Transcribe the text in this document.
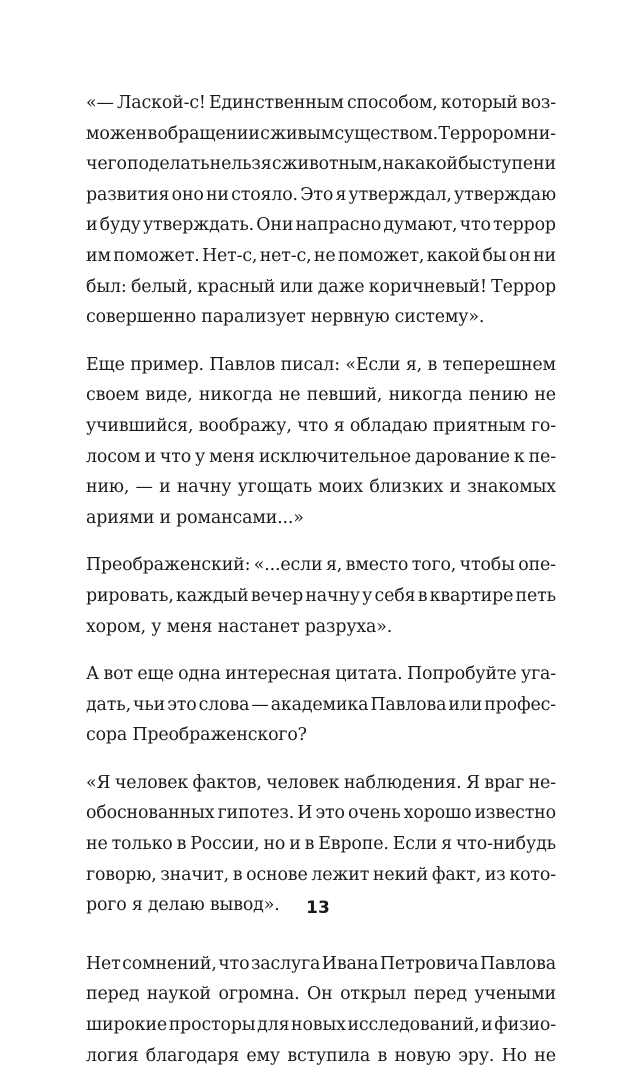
«— Лаской-с! Единственным способом, который воз-
можен в обращении с живым существом. Террором ни-
чего поделать нельзя с животным, на какой бы ступени
развития оно ни стояло. Это я утверждал, утверждаю
и буду утверждать. Они напрасно думают, что террор
им поможет. Нет-с, нет-с, не поможет, какой бы он ни
был: белый, красный или даже коричневый! Террор
совершенно парализует нервную систему».

Еще пример. Павлов писал: «Если я, в теперешнем
своем виде, никогда не певший, никогда пению не
учившийся, воображу, что я обладаю приятным го-
лосом и что у меня исключительное дарование к пе-
нию, — и начну угощать моих близких и знакомых
ариями и романсами...»

Преображенский: «...если я, вместо того, чтобы опе-
рировать, каждый вечер начну у себя в квартире петь
хором, у меня настанет разруха».

А вот еще одна интересная цитата. Попробуйте уга-
дать, чьи это слова — академика Павлова или профес-
сора Преображенского?

«Я человек фактов, человек наблюдения. Я враг не-
обоснованных гипотез. И это очень хорошо известно
не только в России, но и в Европе. Если я что-нибудь
говорю, значит, в основе лежит некий факт, из кото-
рого я делаю вывод».

Нет сомнений, что заслуга Ивана Петровича Павлова
перед наукой огромна. Он открыл перед учеными
широкие просторы для новых исследований, и физио-
логия благодаря ему вступила в новую эру. Но не

13
